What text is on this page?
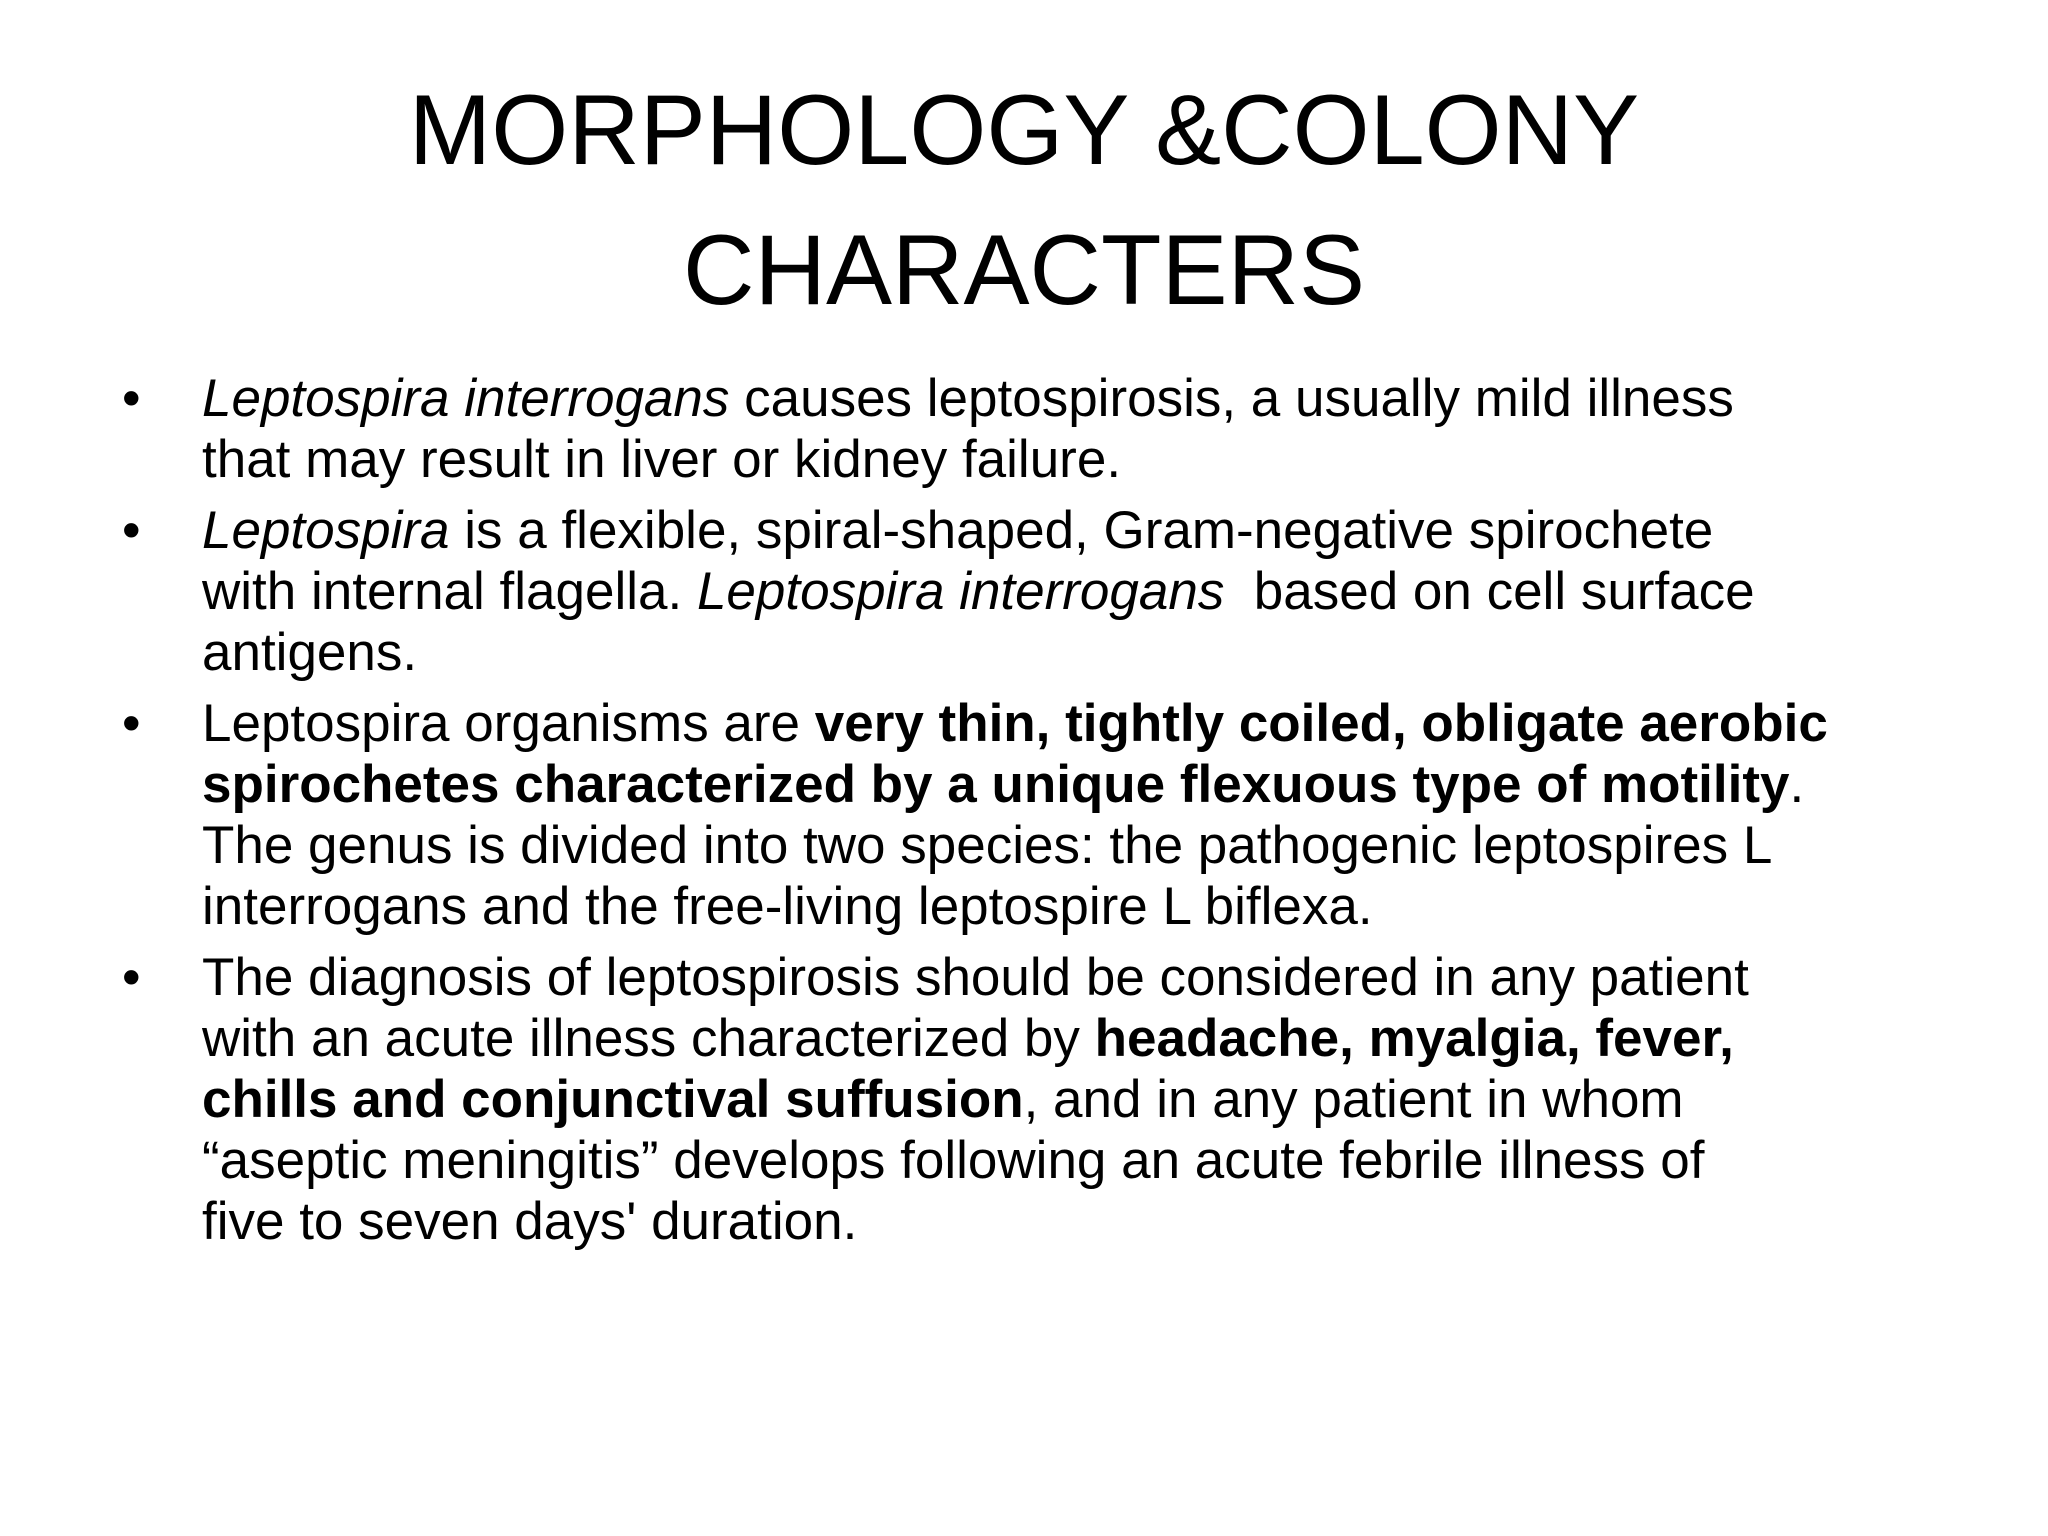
MORPHOLOGY &COLONY
CHARACTERS
• Leptospira interrogans causes leptospirosis, a usually mild illness
that may result in liver or kidney failure.
• Leptospira is a flexible, spiral-shaped, Gram-negative spirochete
with internal flagella. Leptospira interrogans  based on cell surface
antigens.
• Leptospira organisms are very thin, tightly coiled, obligate aerobic
spirochetes characterized by a unique flexuous type of motility.
The genus is divided into two species: the pathogenic leptospires L
interrogans and the free-living leptospire L biflexa.
• The diagnosis of leptospirosis should be considered in any patient
with an acute illness characterized by headache, myalgia, fever,
chills and conjunctival suffusion, and in any patient in whom
“aseptic meningitis” develops following an acute febrile illness of
five to seven days' duration.
